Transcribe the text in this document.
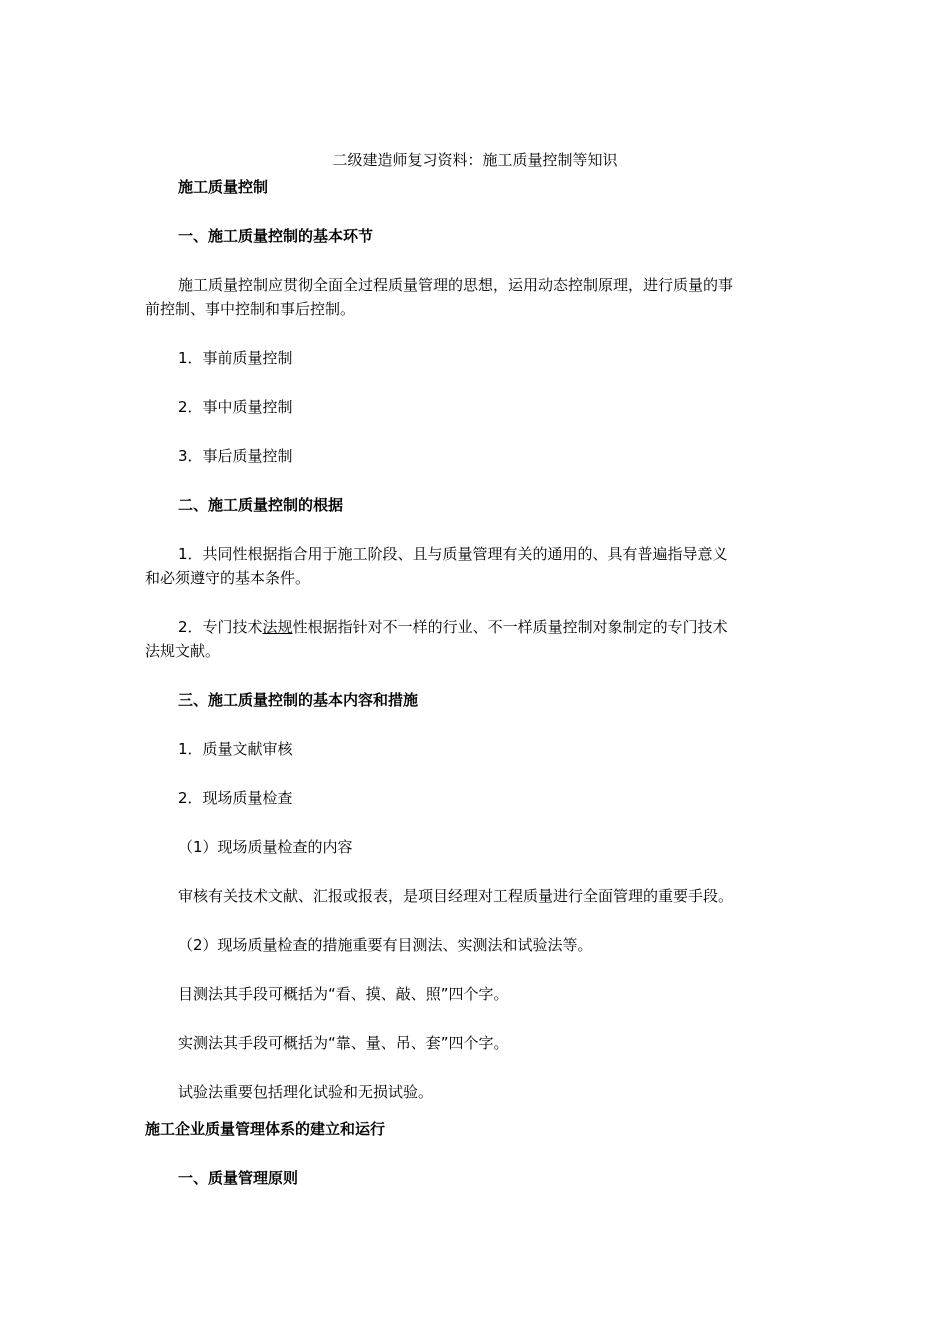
二级建造师复习资料：施工质量控制等知识
施工质量控制
一、施工质量控制的基本环节
施工质量控制应贯彻全面全过程质量管理的思想，运用动态控制原理，进行质量的事
前控制、事中控制和事后控制。
1．事前质量控制
2．事中质量控制
3．事后质量控制
二、施工质量控制的根据
1．共同性根据指合用于施工阶段、且与质量管理有关的通用的、具有普遍指导意义
和必须遵守的基本条件。
2．专门技术法规性根据指针对不一样的行业、不一样质量控制对象制定的专门技术
法规文献。
三、施工质量控制的基本内容和措施
1．质量文献审核
2．现场质量检查
（1）现场质量检查的内容
审核有关技术文献、汇报或报表，是项目经理对工程质量进行全面管理的重要手段。
（2）现场质量检查的措施重要有目测法、实测法和试验法等。
目测法其手段可概括为“看、摸、敲、照”四个字。
实测法其手段可概括为“靠、量、吊、套”四个字。
试验法重要包括理化试验和无损试验。
施工企业质量管理体系的建立和运行
一、质量管理原则
